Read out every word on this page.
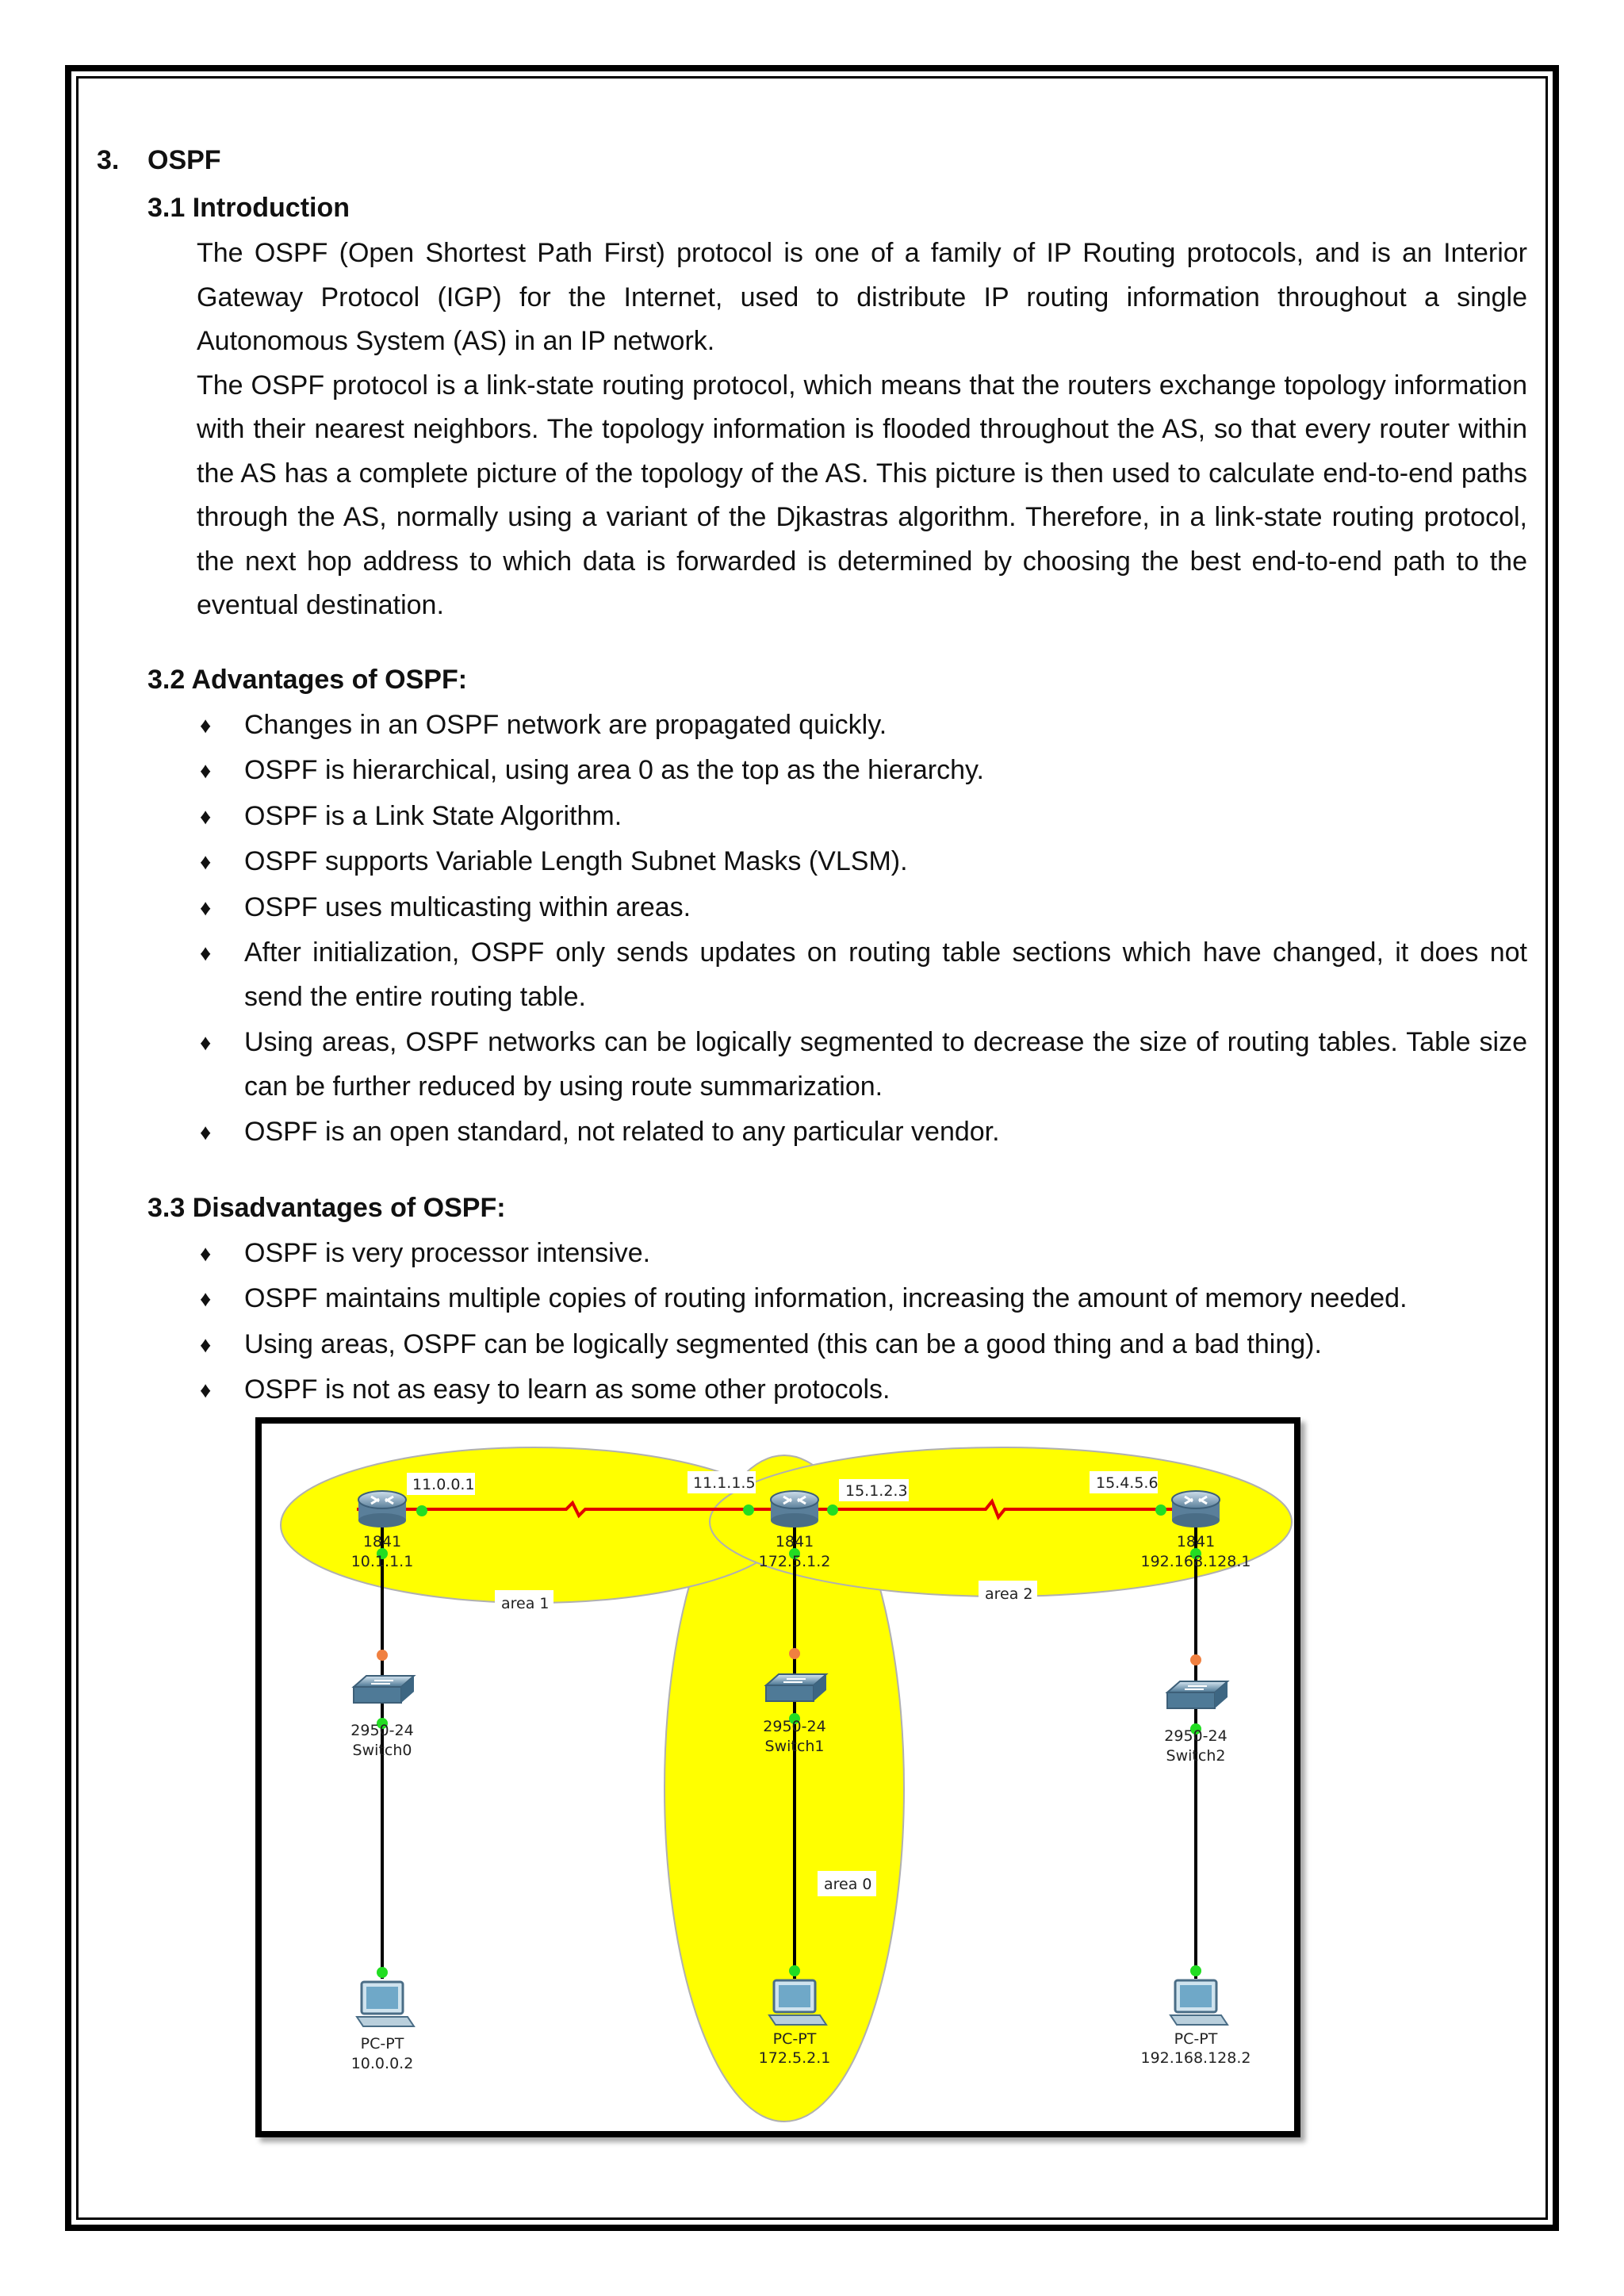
3. OSPF
3.1 Introduction
The OSPF (Open Shortest Path First) protocol is one of a family of IP Routing protocols, and is an Interior Gateway Protocol (IGP) for the Internet, used to distribute IP routing information throughout a single Autonomous System (AS) in an IP network.
The OSPF protocol is a link-state routing protocol, which means that the routers exchange topology information with their nearest neighbors. The topology information is flooded throughout the AS, so that every router within the AS has a complete picture of the topology of the AS. This picture is then used to calculate end-to-end paths through the AS, normally using a variant of the Djkastras algorithm. Therefore, in a link-state routing protocol, the next hop address to which data is forwarded is determined by choosing the best end-to-end path to the eventual destination.
3.2 Advantages of OSPF:
♦ Changes in an OSPF network are propagated quickly.
♦ OSPF is hierarchical, using area 0 as the top as the hierarchy.
♦ OSPF is a Link State Algorithm.
♦ OSPF supports Variable Length Subnet Masks (VLSM).
♦ OSPF uses multicasting within areas.
♦ After initialization, OSPF only sends updates on routing table sections which have changed, it does not send the entire routing table.
♦ Using areas, OSPF networks can be logically segmented to decrease the size of routing tables. Table size can be further reduced by using route summarization.
♦ OSPF is an open standard, not related to any particular vendor.
3.3 Disadvantages of OSPF:
♦ OSPF is very processor intensive.
♦ OSPF maintains multiple copies of routing information, increasing the amount of memory needed.
♦ Using areas, OSPF can be logically segmented (this can be a good thing and a bad thing).
♦ OSPF is not as easy to learn as some other protocols.
11.0.0.1	11.1.1.5	15.1.2.3	15.4.5.6
area 1
area 2
area 0
1841
10.1.1.1
1841
172.5.1.2
1841
192.168.128.1
2950-24
Switch0
2950-24
Switch1
2950-24
Switch2
PC-PT
10.0.0.2
PC-PT
172.5.2.1
PC-PT
192.168.128.2
